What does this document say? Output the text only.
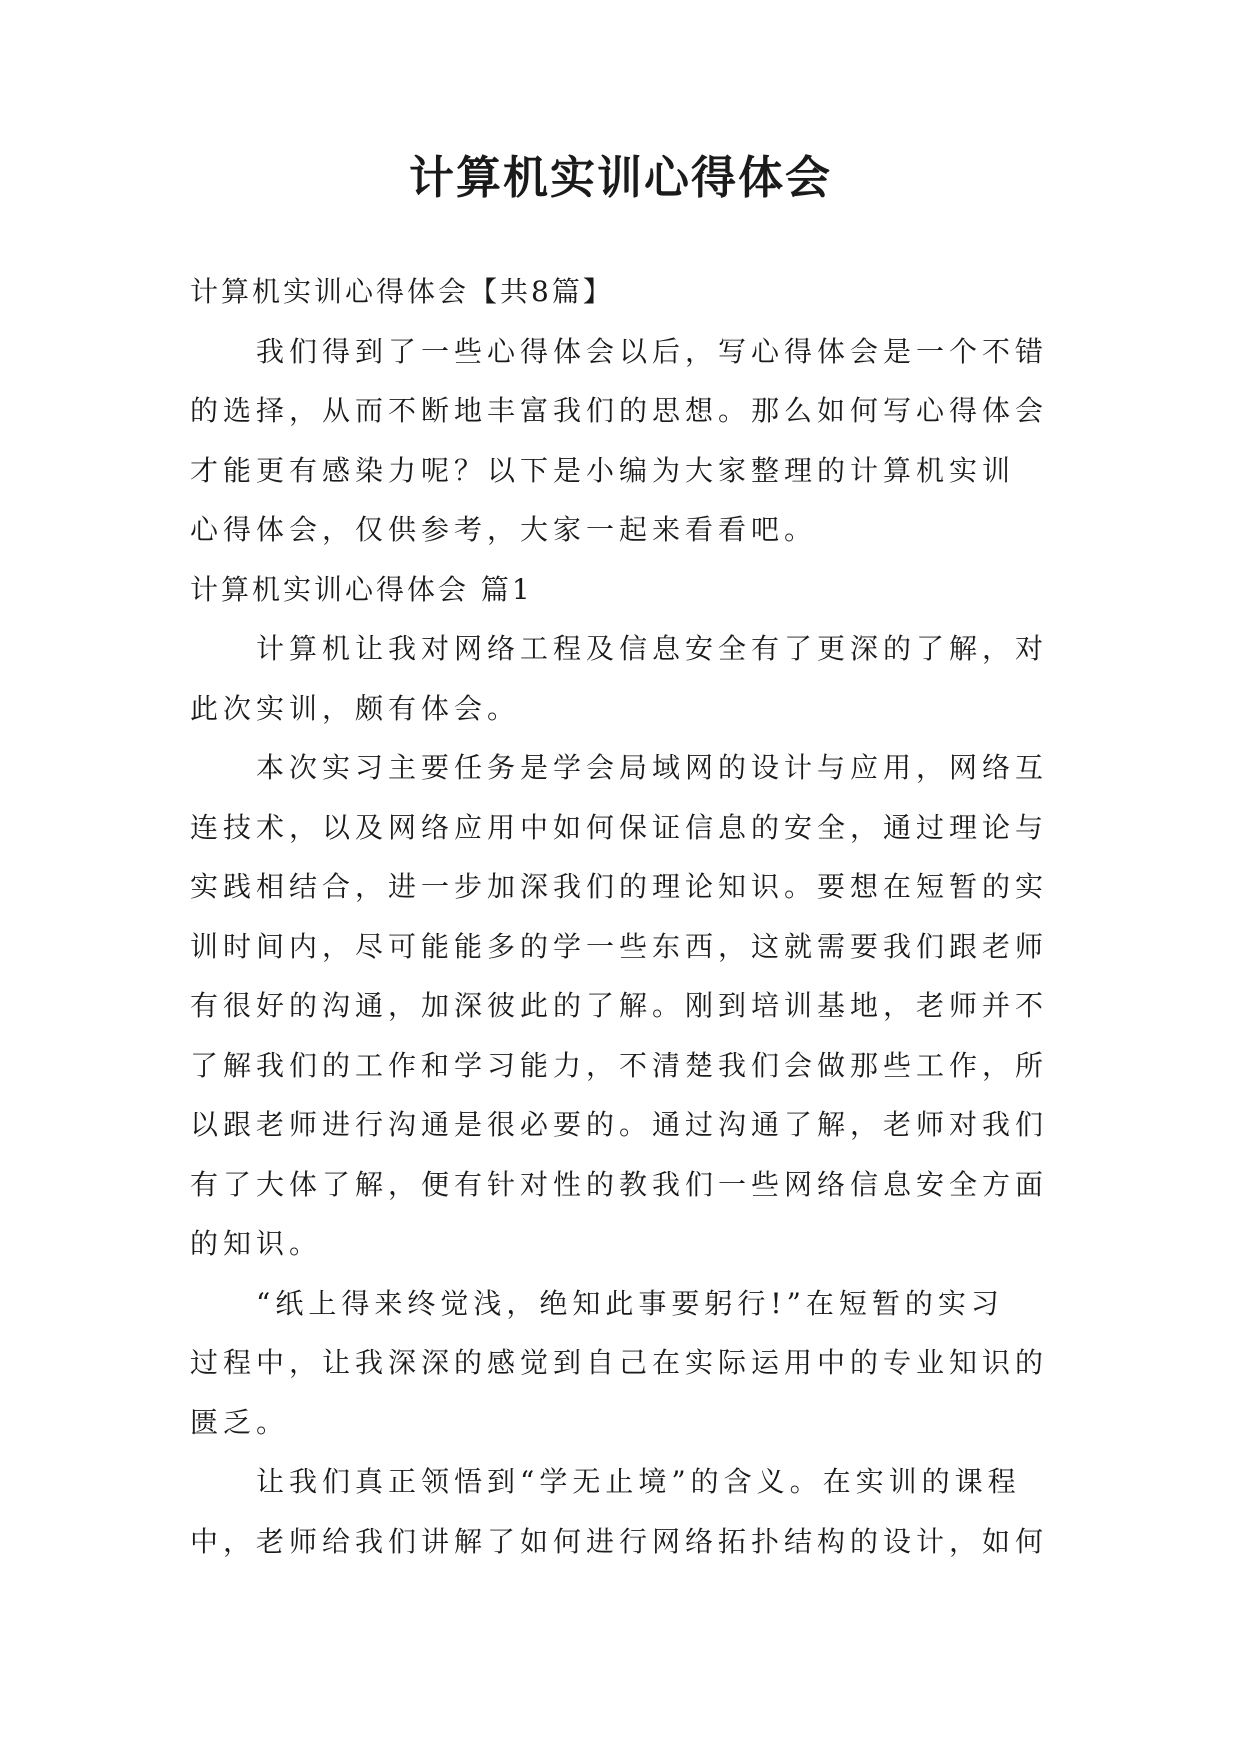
计算机实训心得体会
计算机实训心得体会【共8篇】
我们得到了一些心得体会以后，写心得体会是一个不错
的选择，从而不断地丰富我们的思想。那么如何写心得体会
才能更有感染力呢？以下是小编为大家整理的计算机实训
心得体会，仅供参考，大家一起来看看吧。
计算机实训心得体会 篇1
计算机让我对网络工程及信息安全有了更深的了解，对
此次实训，颇有体会。
本次实习主要任务是学会局域网的设计与应用，网络互
连技术，以及网络应用中如何保证信息的安全，通过理论与
实践相结合，进一步加深我们的理论知识。要想在短暂的实
训时间内，尽可能能多的学一些东西，这就需要我们跟老师
有很好的沟通，加深彼此的了解。刚到培训基地，老师并不
了解我们的工作和学习能力，不清楚我们会做那些工作，所
以跟老师进行沟通是很必要的。通过沟通了解，老师对我们
有了大体了解，便有针对性的教我们一些网络信息安全方面
的知识。
“纸上得来终觉浅，绝知此事要躬行!”在短暂的实习
过程中，让我深深的感觉到自己在实际运用中的专业知识的
匮乏。
让我们真正领悟到“学无止境”的含义。在实训的课程
中，老师给我们讲解了如何进行网络拓扑结构的设计，如何
